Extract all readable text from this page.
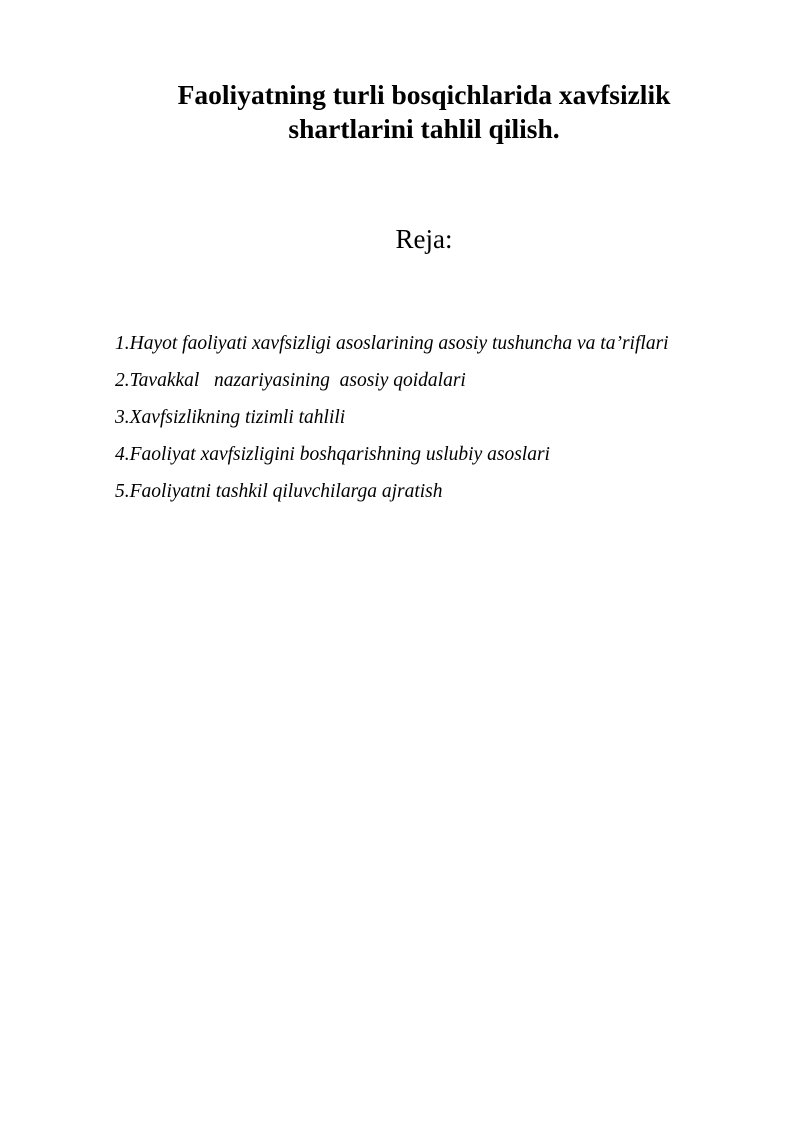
Faoliyatning turli bosqichlarida xavfsizlik
shartlarini tahlil qilish.
Reja:
1.Hayot faoliyati xavfsizligi asoslarining asosiy tushuncha va ta’riflari
2.Tavakkal   nazariyasining  asosiy qoidalari
3.Xavfsizlikning tizimli tahlili
4.Faoliyat xavfsizligini boshqarishning uslubiy asoslari
5.Faoliyatni tashkil qiluvchilarga ajratish
